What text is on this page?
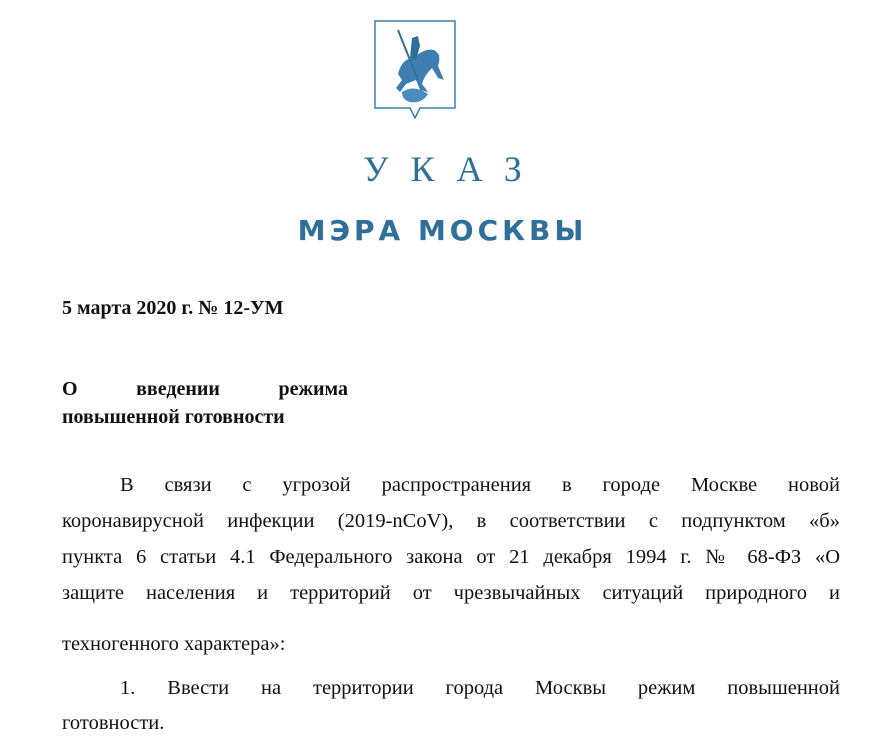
УКАЗ
МЭРА МОСКВЫ
5 марта 2020 г. № 12-УМ
О	введении	режима
повышенной готовности
В связи с угрозой распространения в городе Москве новой
коронавирусной инфекции (2019-nCoV), в соответствии с подпунктом «б»
пункта 6 статьи 4.1 Федерального закона от 21 декабря 1994 г. № 68-ФЗ «О
защите населения и территорий от чрезвычайных ситуаций природного и
техногенного характера»:
1. Ввести на территории города Москвы режим повышенной
готовности.
